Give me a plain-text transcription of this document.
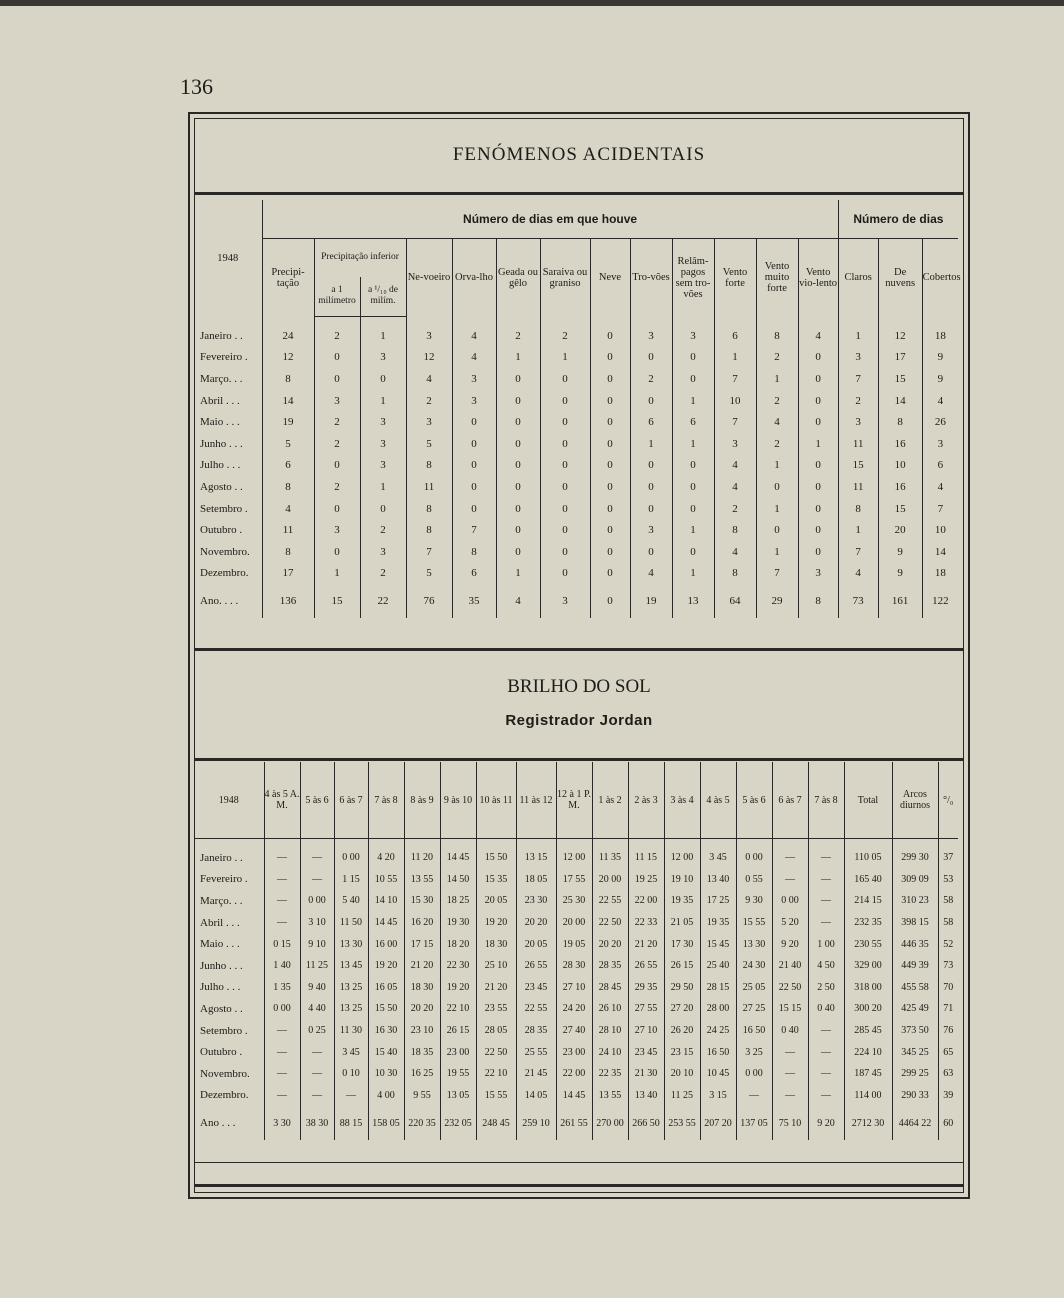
136
FENÓMENOS ACIDENTAIS
1948	Número de dias em que houve													Número de dias		
	Precipi-tação	Precipitação inferior		Ne-voeiro	Orva-lho	Geada ou gêlo	Saraiva ou graniso	Neve	Tro-vões	Relâm-pagos sem tro-vões	Vento forte	Vento muito forte	Vento vio-lento	Claros	De nuvens	Cobertos
		a 1 milímetro	a ¹/₁₀ de milím.													

Janeiro . .	24	2	1	3	4	2	2	0	3	3	6	8	4	1	12	18
Fevereiro .	12	0	3	12	4	1	1	0	0	0	1	2	0	3	17	9
Março. . .	8	0	0	4	3	0	0	0	2	0	7	1	0	7	15	9
Abril . . .	14	3	1	2	3	0	0	0	0	1	10	2	0	2	14	4
Maio . . .	19	2	3	3	0	0	0	0	6	6	7	4	0	3	8	26
Junho . . .	5	2	3	5	0	0	0	0	1	1	3	2	1	11	16	3
Julho . . .	6	0	3	8	0	0	0	0	0	0	4	1	0	15	10	6
Agosto . .	8	2	1	11	0	0	0	0	0	0	4	0	0	11	16	4
Setembro .	4	0	0	8	0	0	0	0	0	0	2	1	0	8	15	7
Outubro .	11	3	2	8	7	0	0	0	3	1	8	0	0	1	20	10
Novembro.	8	0	3	7	8	0	0	0	0	0	4	1	0	7	9	14
Dezembro.	17	1	2	5	6	1	0	0	4	1	8	7	3	4	9	18
Ano. . . .	136	15	22	76	35	4	3	0	19	13	64	29	8	73	161	122
BRILHO DO SOL
Registrador Jordan
1948	4 às 5 A. M.	5 às 6	6 às 7	7 às 8	8 às 9	9 às 10	10 às 11	11 às 12	12 à 1 P. M.	1 às 2	2 às 3	3 às 4	4 às 5	5 às 6	6 às 7	7 às 8	Total	Arcos diurnos	°/₀

Janeiro . .	—	—	0 00	4 20	11 20	14 45	15 50	13 15	12 00	11 35	11 15	12 00	3 45	0 00	—	—	110 05	299 30	37
Fevereiro .	—	—	1 15	10 55	13 55	14 50	15 35	18 05	17 55	20 00	19 25	19 10	13 40	0 55	—	—	165 40	309 09	53
Março. . .	—	0 00	5 40	14 10	15 30	18 25	20 05	23 30	25 30	22 55	22 00	19 35	17 25	9 30	0 00	—	214 15	310 23	58
Abril . . .	—	3 10	11 50	14 45	16 20	19 30	19 20	20 20	20 00	22 50	22 33	21 05	19 35	15 55	5 20	—	232 35	398 15	58
Maio . . .	0 15	9 10	13 30	16 00	17 15	18 20	18 30	20 05	19 05	20 20	21 20	17 30	15 45	13 30	9 20	1 00	230 55	446 35	52
Junho . . .	1 40	11 25	13 45	19 20	21 20	22 30	25 10	26 55	28 30	28 35	26 55	26 15	25 40	24 30	21 40	4 50	329 00	449 39	73
Julho . . .	1 35	9 40	13 25	16 05	18 30	19 20	21 20	23 45	27 10	28 45	29 35	29 50	28 15	25 05	22 50	2 50	318 00	455 58	70
Agosto . .	0 00	4 40	13 25	15 50	20 20	22 10	23 55	22 55	24 20	26 10	27 55	27 20	28 00	27 25	15 15	0 40	300 20	425 49	71
Setembro .	—	0 25	11 30	16 30	23 10	26 15	28 05	28 35	27 40	28 10	27 10	26 20	24 25	16 50	0 40	—	285 45	373 50	76
Outubro .	—	—	3 45	15 40	18 35	23 00	22 50	25 55	23 00	24 10	23 45	23 15	16 50	3 25	—	—	224 10	345 25	65
Novembro.	—	—	0 10	10 30	16 25	19 55	22 10	21 45	22 00	22 35	21 30	20 10	10 45	0 00	—	—	187 45	299 25	63
Dezembro.	—	—	—	4 00	9 55	13 05	15 55	14 05	14 45	13 55	13 40	11 25	3 15	—	—	—	114 00	290 33	39
Ano . . .	3 30	38 30	88 15	158 05	220 35	232 05	248 45	259 10	261 55	270 00	266 50	253 55	207 20	137 05	75 10	9 20	2712 30	4464 22	60
